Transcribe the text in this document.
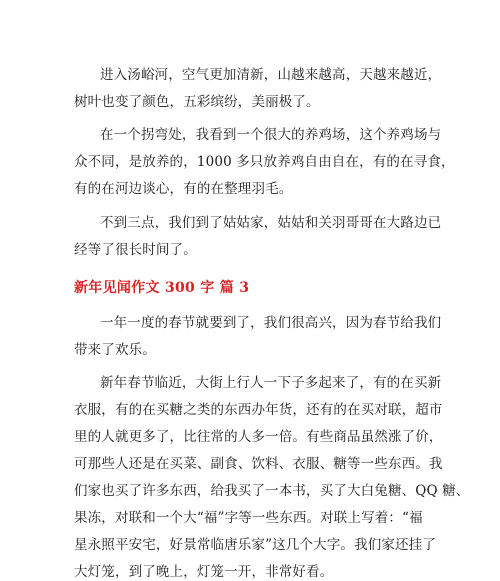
进入汤峪河，空气更加清新，山越来越高，天越来越近，
树叶也变了颜色，五彩缤纷，美丽极了。
在一个拐弯处，我看到一个很大的养鸡场，这个养鸡场与
众不同，是放养的，1000 多只放养鸡自由自在，有的在寻食，
有的在河边谈心，有的在整理羽毛。
不到三点，我们到了姑姑家，姑姑和关羽哥哥在大路边已
经等了很长时间了。
新年见闻作文 300 字 篇 3
一年一度的春节就要到了，我们很高兴，因为春节给我们
带来了欢乐。
新年春节临近，大街上行人一下子多起来了，有的在买新
衣服，有的在买糖之类的东西办年货，还有的在买对联，超市
里的人就更多了，比往常的人多一倍。有些商品虽然涨了价，
可那些人还是在买菜、副食、饮料、衣服、糖等一些东西。我
们家也买了许多东西，给我买了一本书，买了大白兔糖、QQ 糖、
果冻，对联和一个大“福”字等一些东西。对联上写着：“福
星永照平安宅，好景常临唐乐家”这几个大字。我们家还挂了
大灯笼，到了晚上，灯笼一开，非常好看。
